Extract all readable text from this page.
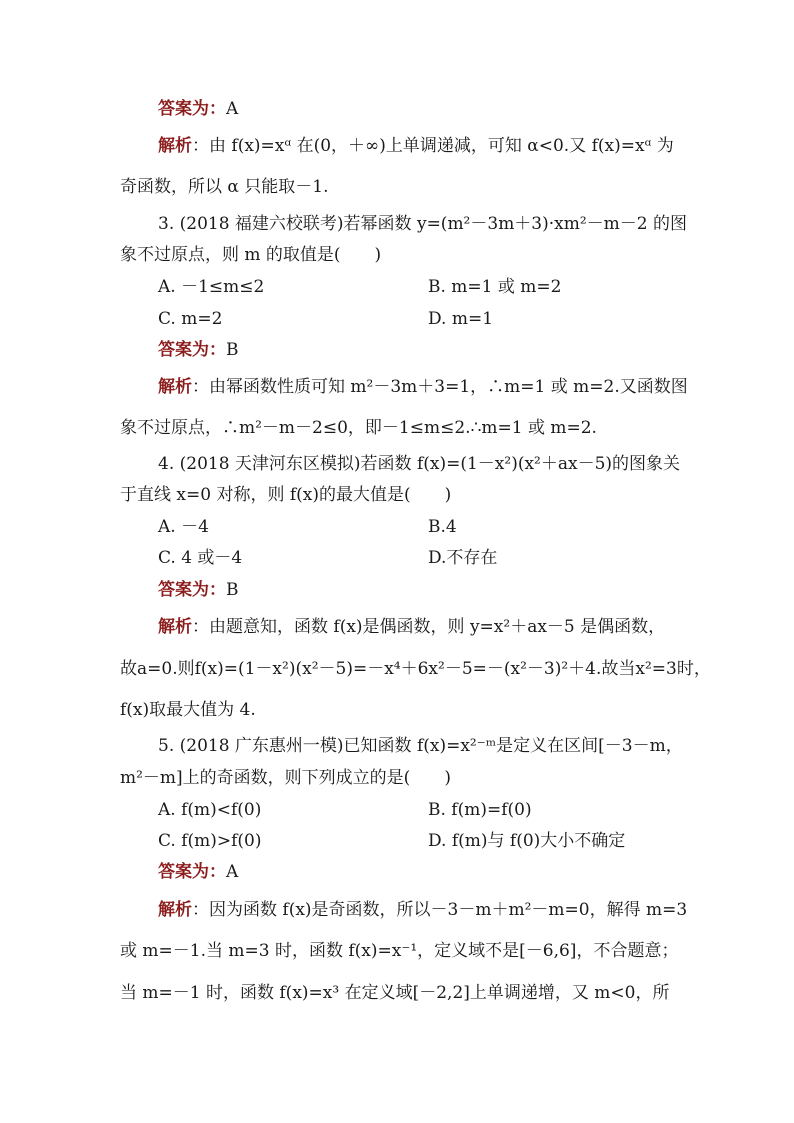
答案为：A
解析：由 f(x)=xᵅ 在(0，＋∞)上单调递减，可知 α<0.又 f(x)=xᵅ 为
奇函数，所以 α 只能取－1.
3. (2018 福建六校联考)若幂函数 y=(m²－3m＋3)·xm²－m－2 的图
象不过原点，则 m 的取值是(　　)
A. －1≤m≤2	B. m=1 或 m=2
C. m=2	D. m=1
答案为：B
解析：由幂函数性质可知 m²－3m＋3=1，∴m=1 或 m=2.又函数图
象不过原点，∴m²－m－2≤0，即－1≤m≤2.∴m=1 或 m=2.
4. (2018 天津河东区模拟)若函数 f(x)=(1－x²)(x²＋ax－5)的图象关
于直线 x=0 对称，则 f(x)的最大值是(　　)
A. －4	B.4
C. 4 或－4	D.不存在
答案为：B
解析：由题意知，函数 f(x)是偶函数，则 y=x²＋ax－5 是偶函数，
故a=0.则f(x)=(1－x²)(x²－5)=－x⁴＋6x²－5=－(x²－3)²＋4.故当x²=3时，
f(x)取最大值为 4.
5. (2018 广东惠州一模)已知函数 f(x)=x²⁻ᵐ是定义在区间[－3－m，
m²－m]上的奇函数，则下列成立的是(　　)
A. f(m)<f(0)	B. f(m)=f(0)
C. f(m)>f(0)	D. f(m)与 f(0)大小不确定
答案为：A
解析：因为函数 f(x)是奇函数，所以－3－m＋m²－m=0，解得 m=3
或 m=－1.当 m=3 时，函数 f(x)=x⁻¹，定义域不是[－6,6]，不合题意；
当 m=－1 时，函数 f(x)=x³ 在定义域[－2,2]上单调递增，又 m<0，所
